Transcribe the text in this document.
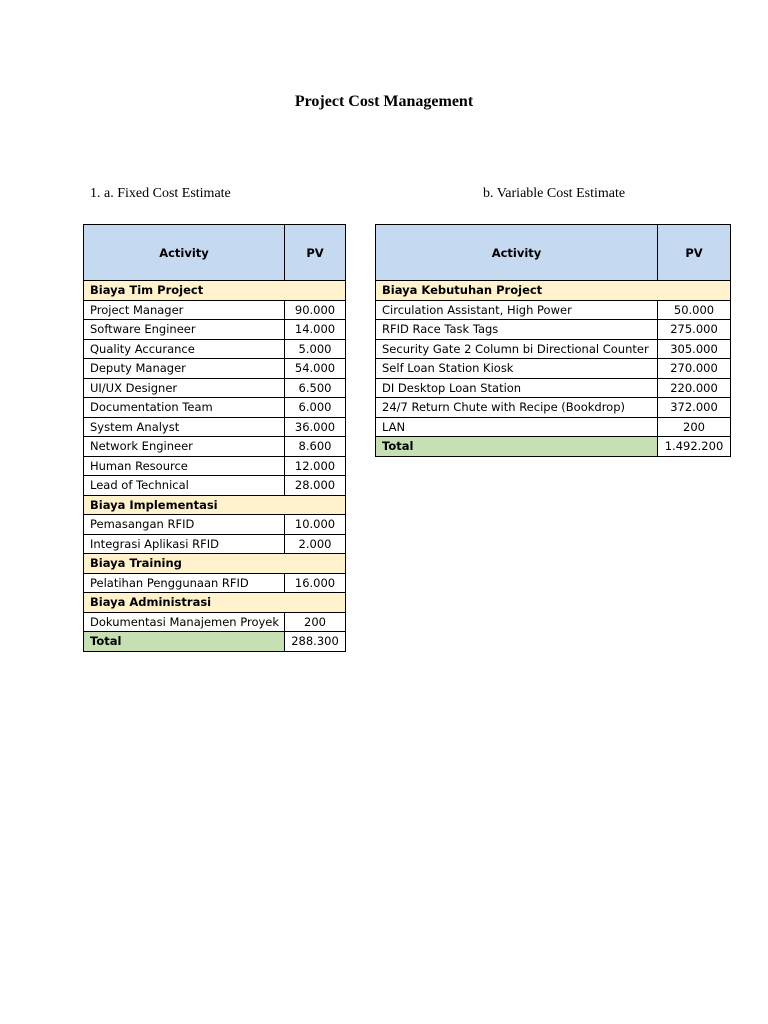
Project Cost Management
1. a. Fixed Cost Estimate	b. Variable Cost Estimate
Activity	PV
Biaya Tim Project	
Project Manager	90.000
Software Engineer	14.000
Quality Accurance	5.000
Deputy Manager	54.000
UI/UX Designer	6.500
Documentation Team	6.000
System Analyst	36.000
Network Engineer	8.600
Human Resource	12.000
Lead of Technical	28.000
Biaya Implementasi	
Pemasangan RFID	10.000
Integrasi Aplikasi RFID	2.000
Biaya Training	
Pelatihan Penggunaan RFID	16.000
Biaya Administrasi	
Dokumentasi Manajemen Proyek	200
Total	288.300
Activity	PV
Biaya Kebutuhan Project	
Circulation Assistant, High Power	50.000
RFID Race Task Tags	275.000
Security Gate 2 Column bi Directional Counter	305.000
Self Loan Station Kiosk	270.000
DI Desktop Loan Station	220.000
24/7 Return Chute with Recipe (Bookdrop)	372.000
LAN	200
Total	1.492.200
